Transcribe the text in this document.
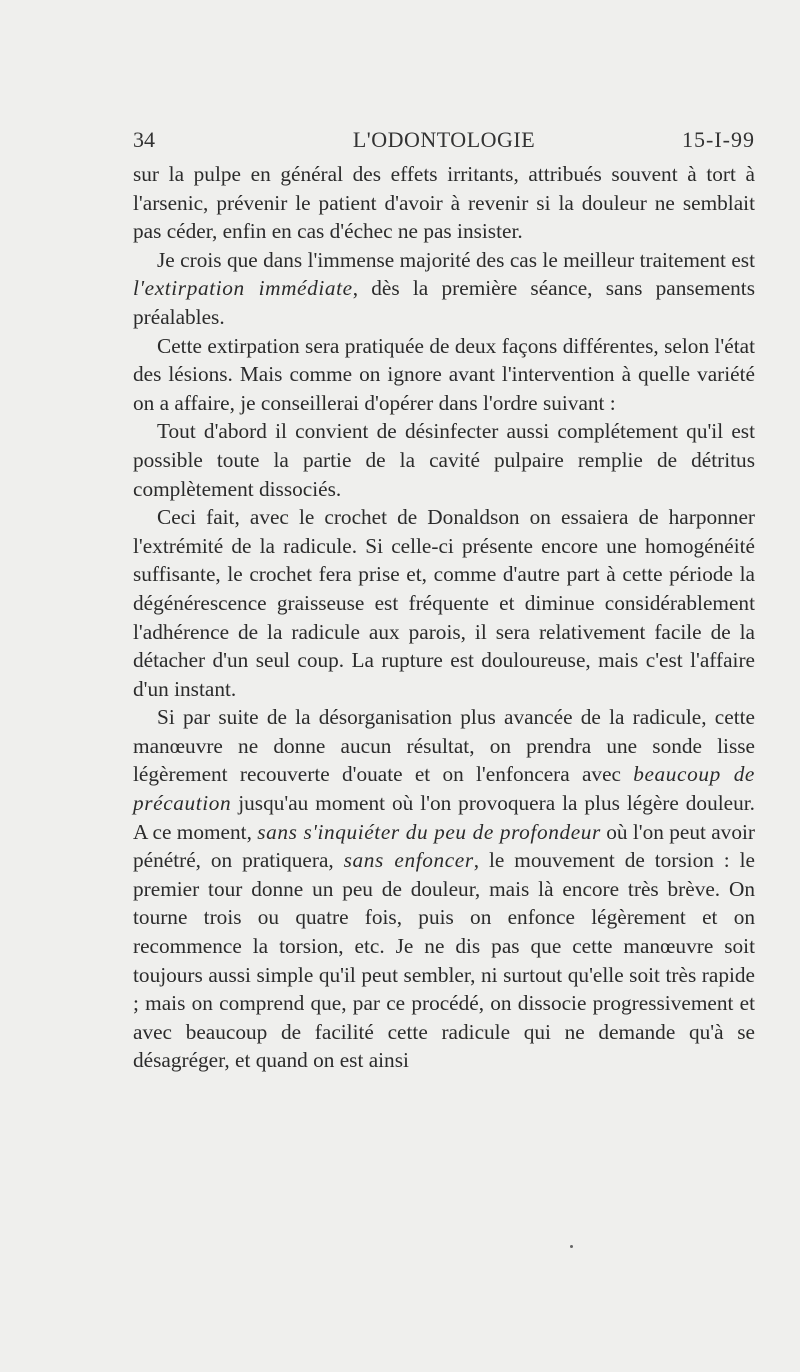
34	L'ODONTOLOGIE	15-I-99

sur la pulpe en général des effets irritants, attribués souvent à tort à l'arsenic, prévenir le patient d'avoir à revenir si la douleur ne semblait pas céder, enfin en cas d'échec ne pas insister.

Je crois que dans l'immense majorité des cas le meilleur traitement est l'extirpation immédiate, dès la première séance, sans pansements préalables.

Cette extirpation sera pratiquée de deux façons différentes, selon l'état des lésions. Mais comme on ignore avant l'intervention à quelle variété on a affaire, je conseillerai d'opérer dans l'ordre suivant :

Tout d'abord il convient de désinfecter aussi complétement qu'il est possible toute la partie de la cavité pulpaire remplie de détritus complètement dissociés.

Ceci fait, avec le crochet de Donaldson on essaiera de harponner l'extrémité de la radicule. Si celle-ci présente encore une homogénéité suffisante, le crochet fera prise et, comme d'autre part à cette période la dégénérescence graisseuse est fréquente et diminue considérablement l'adhérence de la radicule aux parois, il sera relativement facile de la détacher d'un seul coup. La rupture est douloureuse, mais c'est l'affaire d'un instant.

Si par suite de la désorganisation plus avancée de la radicule, cette manœuvre ne donne aucun résultat, on prendra une sonde lisse légèrement recouverte d'ouate et on l'enfoncera avec beaucoup de précaution jusqu'au moment où l'on provoquera la plus légère douleur. A ce moment, sans s'inquiéter du peu de profondeur où l'on peut avoir pénétré, on pratiquera, sans enfoncer, le mouvement de torsion : le premier tour donne un peu de douleur, mais là encore très brève. On tourne trois ou quatre fois, puis on enfonce légèrement et on recommence la torsion, etc. Je ne dis pas que cette manœuvre soit toujours aussi simple qu'il peut sembler, ni surtout qu'elle soit très rapide ; mais on comprend que, par ce procédé, on dissocie progressivement et avec beaucoup de facilité cette radicule qui ne demande qu'à se désagréger, et quand on est ainsi
